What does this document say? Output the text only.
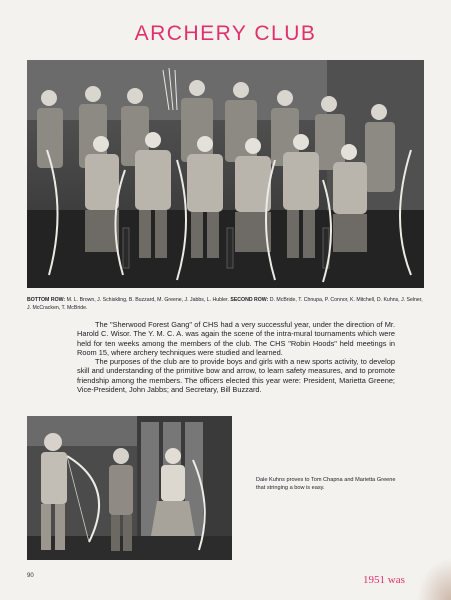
ARCHERY CLUB
BOTTOM ROW: M. L. Brown, J. Schiskling, B. Buzzard, M. Greene, J. Jabbs, L. Hubler. SECOND ROW: D. McBride, T. Chnupa, P. Connor, K. Mitchell, D. Kuhns, J. Selner, J. McCracken, T. McBride.

The "Sherwood Forest Gang" of CHS had a very successful year, under the direction of Mr. Harold C. Wisor. The Y. M. C. A. was again the scene of the intra-mural tournaments which were held for ten weeks among the members of the club. The CHS "Robin Hoods" held meetings in Room 15, where archery techniques were studied and learned.

The purposes of the club are to provide boys and girls with a new sports activity, to develop skill and understanding of the primitive bow and arrow, to learn safety measures, and to promote friendship among the members. The officers elected this year were: President, Marietta Greene; Vice-President, John Jabbs; and Secretary, Bill Buzzard.

Dale Kuhns proves to Tom Chapna and Marietta Greene that stringing a bow is easy.
90	1951 was
